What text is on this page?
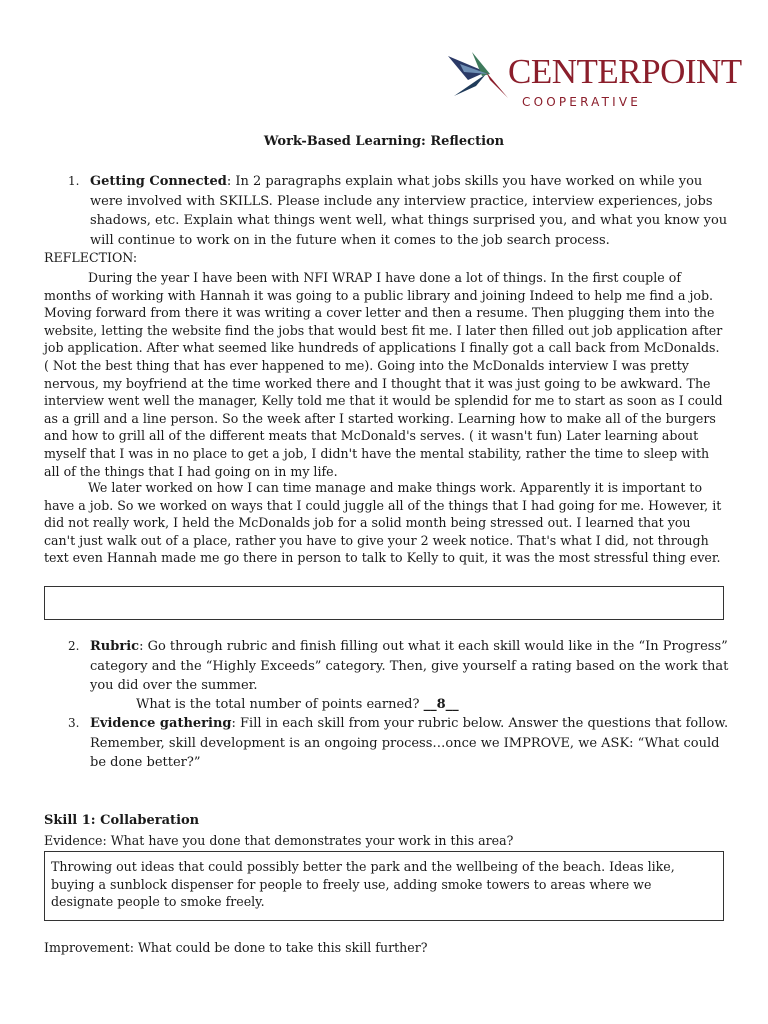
CENTERPOINT
COOPERATIVE
Work-Based Learning: Reflection
1. Getting Connected: In 2 paragraphs explain what jobs skills you have worked on while you were involved with SKILLS. Please include any interview practice, interview experiences, jobs shadows, etc. Explain what things went well, what things surprised you, and what you know you will continue to work on in the future when it comes to the job search process.
REFLECTION:
During the year I have been with NFI WRAP I have done a lot of things. In the first couple of months of working with Hannah it was going to a public library and joining Indeed to help me find a job. Moving forward from there it was writing a cover letter and then a resume. Then plugging them into the website, letting the website find the jobs that would best fit me. I later then filled out job application after job application. After what seemed like hundreds of applications I finally got a call back from McDonalds. ( Not the best thing that has ever happened to me). Going into the McDonalds interview I was pretty nervous, my boyfriend at the time worked there and I thought that it was just going to be awkward. The interview went well the manager, Kelly told me that it would be splendid for me to start as soon as I could as a grill and a line person. So the week after I started working. Learning how to make all of the burgers and how to grill all of the different meats that McDonald's serves. ( it wasn't fun) Later learning about myself that I was in no place to get a job, I didn't have the mental stability, rather the time to sleep with all of the things that I had going on in my life.
We later worked on how I can time manage and make things work. Apparently it is important to have a job. So we worked on ways that I could juggle all of the things that I had going for me. However, it did not really work, I held the McDonalds job for a solid month being stressed out. I learned that you can't just walk out of a place, rather you have to give your 2 week notice. That's what I did, not through text even Hannah made me go there in person to talk to Kelly to quit, it was the most stressful thing ever.
2. Rubric: Go through rubric and finish filling out what it each skill would like in the “In Progress” category and the “Highly Exceeds” category. Then, give yourself a rating based on the work that you did over the summer.
What is the total number of points earned? __8__
3. Evidence gathering: Fill in each skill from your rubric below. Answer the questions that follow. Remember, skill development is an ongoing process…once we IMPROVE, we ASK: “What could be done better?”
Skill 1: Collaberation
Evidence: What have you done that demonstrates your work in this area?
Throwing out ideas that could possibly better the park and the wellbeing of the beach. Ideas like, buying a sunblock dispenser for people to freely use, adding smoke towers to areas where we designate people to smoke freely.
Improvement: What could be done to take this skill further?
